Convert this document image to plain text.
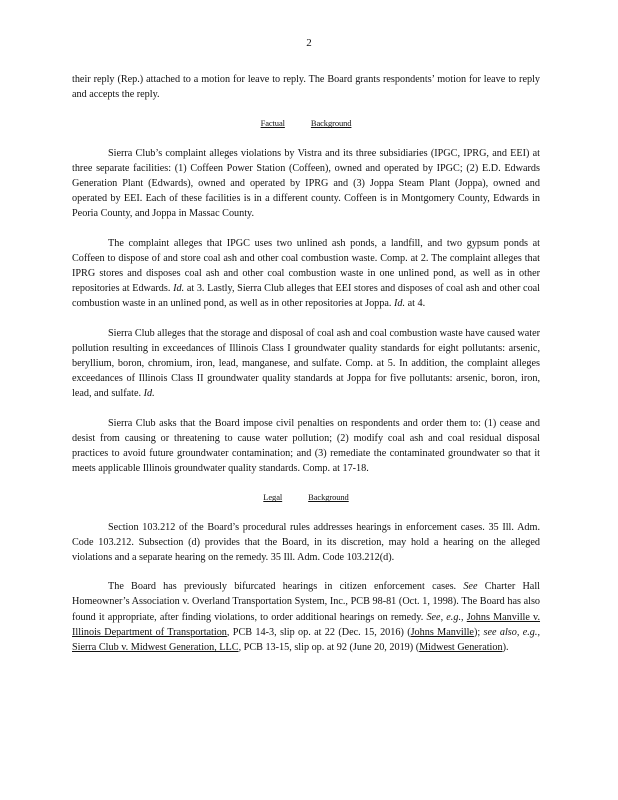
2

their reply (Rep.) attached to a motion for leave to reply. The Board grants respondents’ motion for leave to reply and accepts the reply.

Factual	Background

Sierra Club’s complaint alleges violations by Vistra and its three subsidiaries (IPGC, IPRG, and EEI) at three separate facilities: (1) Coffeen Power Station (Coffeen), owned and operated by IPGC; (2) E.D. Edwards Generation Plant (Edwards), owned and operated by IPRG and (3) Joppa Steam Plant (Joppa), owned and operated by EEI. Each of these facilities is in a different county. Coffeen is in Montgomery County, Edwards in Peoria County, and Joppa in Massac County.

The complaint alleges that IPGC uses two unlined ash ponds, a landfill, and two gypsum ponds at Coffeen to dispose of and store coal ash and other coal combustion waste. Comp. at 2. The complaint alleges that IPRG stores and disposes coal ash and other coal combustion waste in one unlined pond, as well as in other repositories at Edwards. Id. at 3. Lastly, Sierra Club alleges that EEI stores and disposes of coal ash and other coal combustion waste in an unlined pond, as well as in other repositories at Joppa. Id. at 4.

Sierra Club alleges that the storage and disposal of coal ash and coal combustion waste have caused water pollution resulting in exceedances of Illinois Class I groundwater quality standards for eight pollutants: arsenic, beryllium, boron, chromium, iron, lead, manganese, and sulfate. Comp. at 5. In addition, the complaint alleges exceedances of Illinois Class II groundwater quality standards at Joppa for five pollutants: arsenic, boron, iron, lead, and sulfate. Id.

Sierra Club asks that the Board impose civil penalties on respondents and order them to: (1) cease and desist from causing or threatening to cause water pollution; (2) modify coal ash and coal residual disposal practices to avoid future groundwater contamination; and (3) remediate the contaminated groundwater so that it meets applicable Illinois groundwater quality standards. Comp. at 17-18.

Legal	Background

Section 103.212 of the Board’s procedural rules addresses hearings in enforcement cases. 35 Ill. Adm. Code 103.212. Subsection (d) provides that the Board, in its discretion, may hold a hearing on the alleged violations and a separate hearing on the remedy. 35 Ill. Adm. Code 103.212(d).

The Board has previously bifurcated hearings in citizen enforcement cases. See Charter Hall Homeowner’s Association v. Overland Transportation System, Inc., PCB 98-81 (Oct. 1, 1998). The Board has also found it appropriate, after finding violations, to order additional hearings on remedy. See, e.g., Johns Manville v. Illinois Department of Transportation, PCB 14-3, slip op. at 22 (Dec. 15, 2016) (Johns Manville); see also, e.g., Sierra Club v. Midwest Generation, LLC, PCB 13-15, slip op. at 92 (June 20, 2019) (Midwest Generation).
